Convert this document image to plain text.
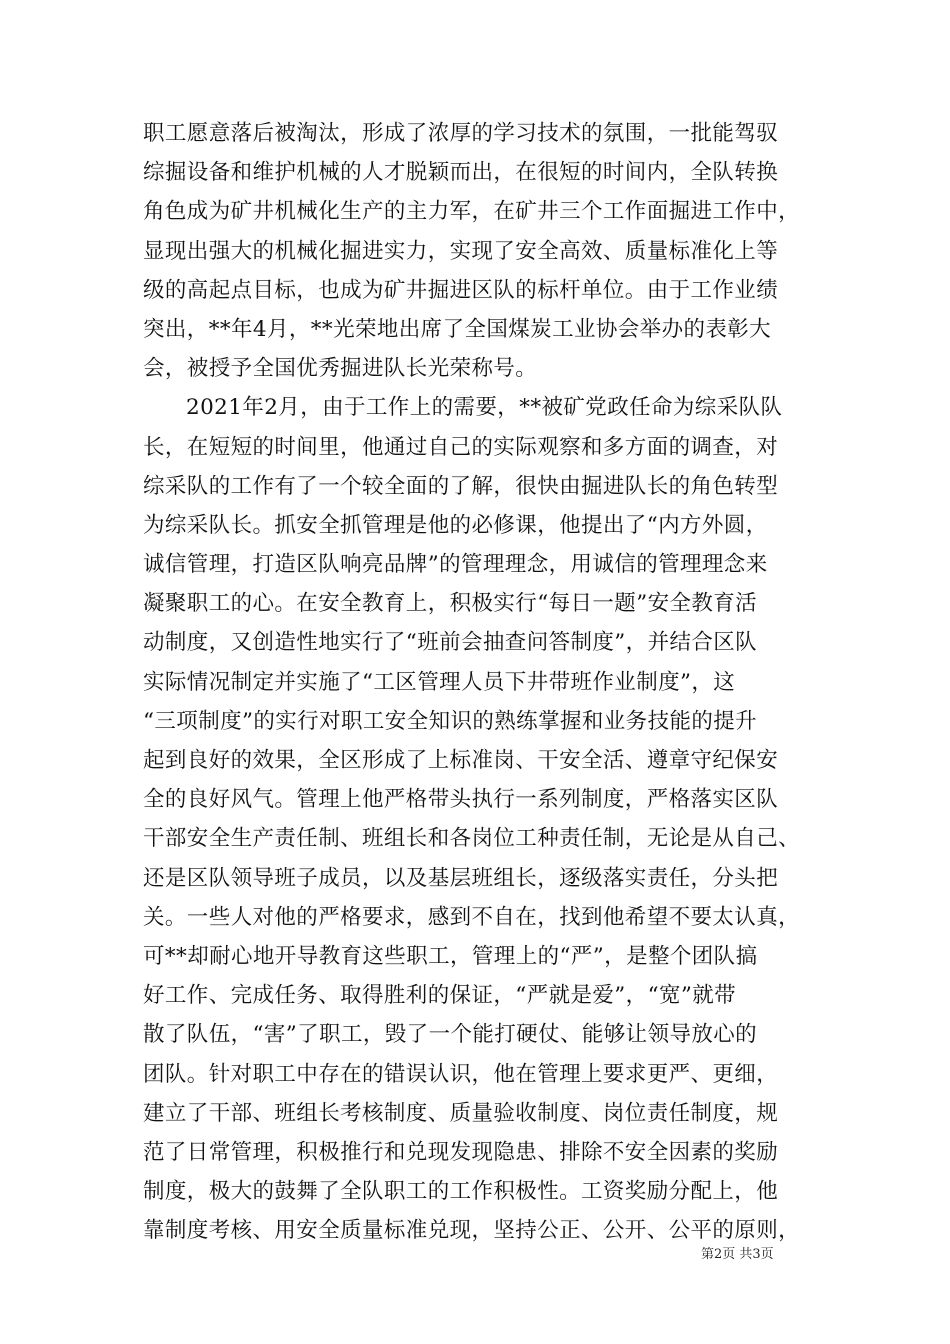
职工愿意落后被淘汰，形成了浓厚的学习技术的氛围，一批能驾驭
综掘设备和维护机械的人才脱颖而出，在很短的时间内，全队转换
角色成为矿井机械化生产的主力军，在矿井三个工作面掘进工作中，
显现出强大的机械化掘进实力，实现了安全高效、质量标准化上等
级的高起点目标，也成为矿井掘进区队的标杆单位。由于工作业绩
突出，**年4月，**光荣地出席了全国煤炭工业协会举办的表彰大
会，被授予全国优秀掘进队长光荣称号。
2021年2月，由于工作上的需要，**被矿党政任命为综采队队
长，在短短的时间里，他通过自己的实际观察和多方面的调查，对
综采队的工作有了一个较全面的了解，很快由掘进队长的角色转型
为综采队长。抓安全抓管理是他的必修课，他提出了“内方外圆，
诚信管理，打造区队响亮品牌”的管理理念，用诚信的管理理念来
凝聚职工的心。在安全教育上，积极实行“每日一题”安全教育活
动制度，又创造性地实行了“班前会抽查问答制度”，并结合区队
实际情况制定并实施了“工区管理人员下井带班作业制度”，这
“三项制度”的实行对职工安全知识的熟练掌握和业务技能的提升
起到良好的效果，全区形成了上标准岗、干安全活、遵章守纪保安
全的良好风气。管理上他严格带头执行一系列制度，严格落实区队
干部安全生产责任制、班组长和各岗位工种责任制，无论是从自己、
还是区队领导班子成员，以及基层班组长，逐级落实责任，分头把
关。一些人对他的严格要求，感到不自在，找到他希望不要太认真，
可**却耐心地开导教育这些职工，管理上的“严”，是整个团队搞
好工作、完成任务、取得胜利的保证，“严就是爱”，“宽”就带
散了队伍，“害”了职工，毁了一个能打硬仗、能够让领导放心的
团队。针对职工中存在的错误认识，他在管理上要求更严、更细，
建立了干部、班组长考核制度、质量验收制度、岗位责任制度，规
范了日常管理，积极推行和兑现发现隐患、排除不安全因素的奖励
制度，极大的鼓舞了全队职工的工作积极性。工资奖励分配上，他
靠制度考核、用安全质量标准兑现，坚持公正、公开、公平的原则，
第2页 共3页
